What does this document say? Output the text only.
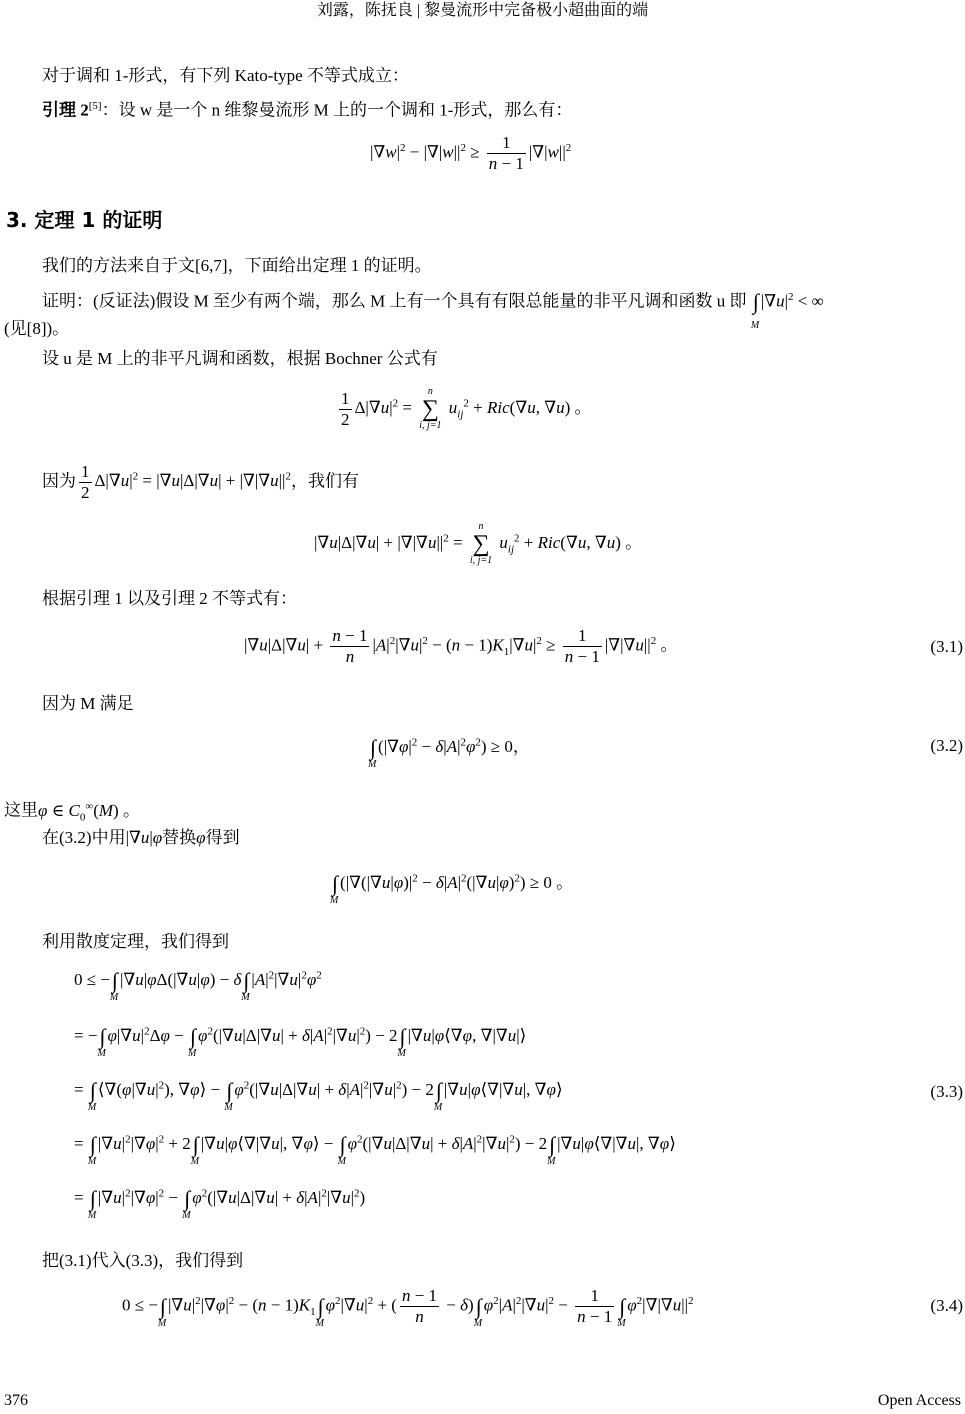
刘露，陈抚良 | 黎曼流形中完备极小超曲面的端
对于调和 1-形式，有下列 Kato-type 不等式成立：
引理 2[5]：设 w 是一个 n 维黎曼流形 M 上的一个调和 1-形式，那么有：
$|\nabla w|^2 - |\nabla|w||^2 \ge \frac{1}{n - 1} |\nabla|w||^2$
3. 定理 1 的证明
我们的方法来自于文[6,7]，下面给出定理 1 的证明。
证明：(反证法)假设 M 至少有两个端，那么 M 上有一个具有有限总能量的非平凡调和函数 u 即 ∫
M
$|\nabla u|^2$ < ∞
(见[8])。
设 u 是 M 上的非平凡调和函数，根据 Bochner 公式有
$\frac{1}{2} \Delta|\nabla u|^2$ =
n
∑
i, j=1
$u_{ij}^2 + Ric(\nabla u$, ∇u) 。
因为 $\frac{1}{2} \Delta|\nabla u|^2 = |\nabla u|\Delta|\nabla u| + |\nabla|\nabla u||^2$，我们有
$|\nabla u|\Delta|\nabla u| + |\nabla|\nabla u||^2$ =
n
∑
i, j=1
$u_{ij}^2 + Ric(\nabla u$, ∇u) 。
根据引理 1 以及引理 2 不等式有：
$|\nabla u|\Delta|\nabla u| + \frac{n - 1}{n} |A|^2|\nabla u|^2 - (n - 1)K_1|\nabla u|^2 \ge \frac{1}{n - 1} |\nabla|\nabla u||^2$ 。	(3.1)
因为 M 满足
∫
M
$(|\nabla\varphi|^2 - \delta|A|^2\varphi^2) \ge 0$，	(3.2)
这里φ ∈ $C_0^\infty(M)$ 。
在(3.2)中用|∇u|φ替换φ得到
∫
M
$(|\nabla(|\nabla u|\varphi)|^2 - \delta|A|^2(|\nabla u|\varphi)^2) \ge 0$ 。
利用散度定理，我们得到
0 ≤ −∫
M
|∇u|φΔ(|∇u|φ) − δ∫
M
$|A|^2|\nabla u|^2\varphi^2$
= −∫
M
$\varphi|\nabla u|^2\Delta\varphi$ − ∫
M
$\varphi^2(|\nabla u|\Delta|\nabla u| + \delta|A|^2|\nabla u|^2) - 2\int$
M
|∇u|φ⟨∇φ, ∇|∇u|⟩
= ∫
M
$⟨\nabla(\varphi|\nabla u|^2)$, ∇φ⟩ − ∫
M
$\varphi^2(|\nabla u|\Delta|\nabla u| + \delta|A|^2|\nabla u|^2) - 2\int$
M
|∇u|φ⟨∇|∇u|, ∇φ⟩	(3.3)
= ∫
M
$|\nabla u|^2|\nabla\varphi|^2 + 2\int$
M
|∇u|φ⟨∇|∇u|, ∇φ⟩ − ∫
M
$\varphi^2(|\nabla u|\Delta|\nabla u| + \delta|A|^2|\nabla u|^2) - 2\int$
M
|∇u|φ⟨∇|∇u|, ∇φ⟩
= ∫
M
$|\nabla u|^2|\nabla\varphi|^2$ − ∫
M
$\varphi^2(|\nabla u|\Delta|\nabla u| + \delta|A|^2|\nabla u|^2)$
把(3.1)代入(3.3)，我们得到
0 ≤ −∫
M
$|\nabla u|^2|\nabla\varphi|^2 - (n - 1)K_1\int$
M
$\varphi^2|\nabla u|^2$ + ( $\frac{n - 1}{n} - \delta)\int$
M
$\varphi^2|A|^2|\nabla u|^2 - \frac{1}{n - 1}$ ∫
M
$\varphi^2|\nabla|\nabla u||^2$	(3.4)
376	Open Access
